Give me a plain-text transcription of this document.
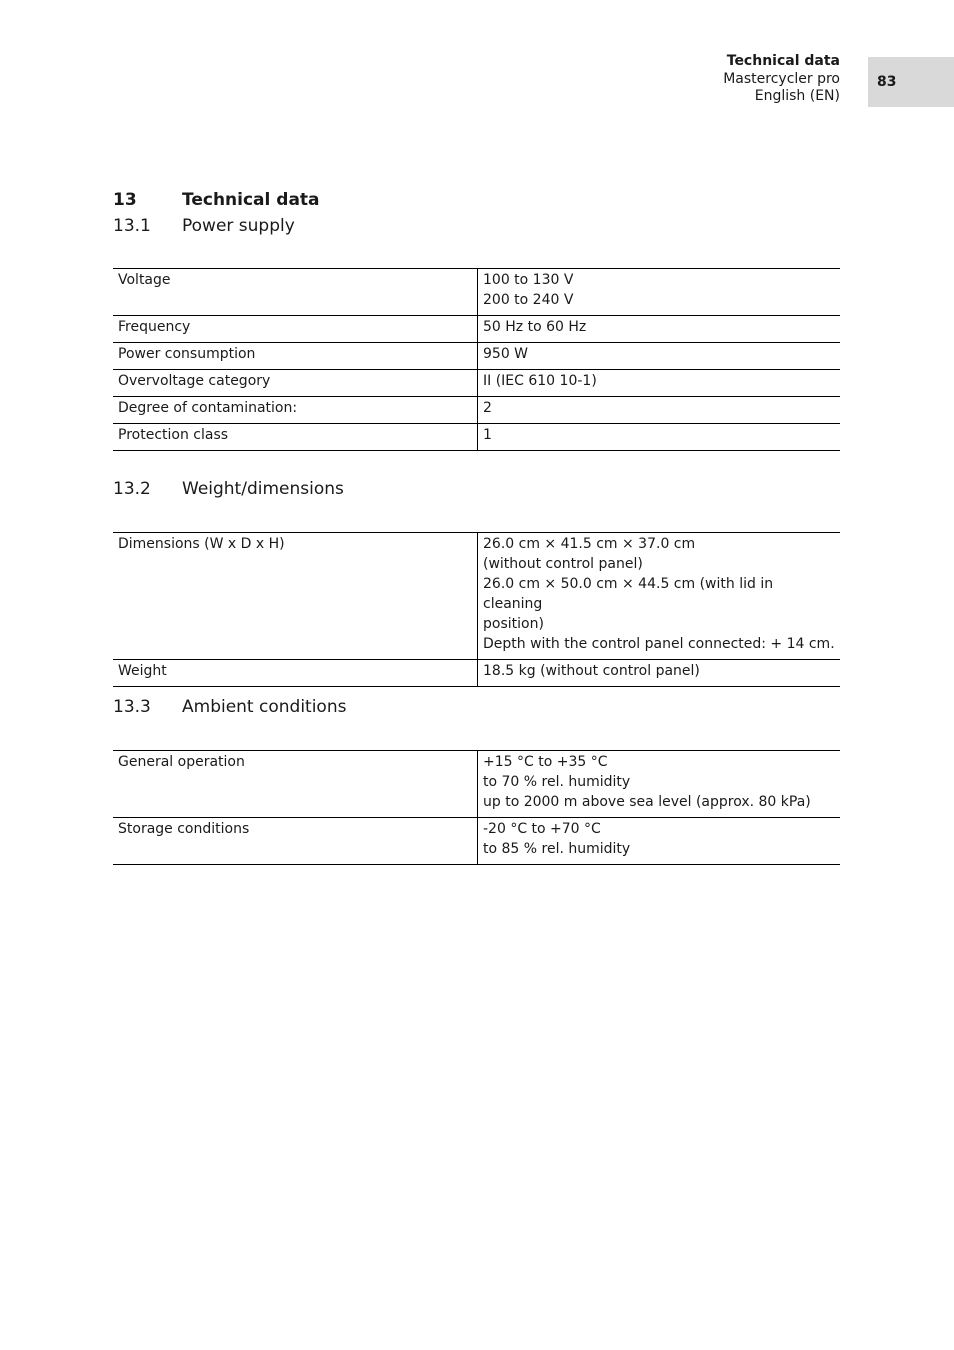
Technical data
Mastercycler pro
English (EN)
83
13	Technical data
13.1 Power supply
Voltage	100 to 130 V
200 to 240 V

Frequency	50 Hz to 60 Hz

Power consumption	950 W

Overvoltage category	II (IEC 610 10-1)

Degree of contamination:	2

Protection class	1
13.2 Weight/dimensions
Dimensions (W x D x H)	26.0 cm × 41.5 cm × 37.0 cm
(without control panel)
26.0 cm × 50.0 cm × 44.5 cm (with lid in cleaning
position)
Depth with the control panel connected: + 14 cm.

Weight	18.5 kg (without control panel)
13.3 Ambient conditions
General operation	+15 °C to +35 °C
to 70 % rel. humidity
up to 2000 m above sea level (approx. 80 kPa)

Storage conditions	-20 °C to +70 °C
to 85 % rel. humidity
